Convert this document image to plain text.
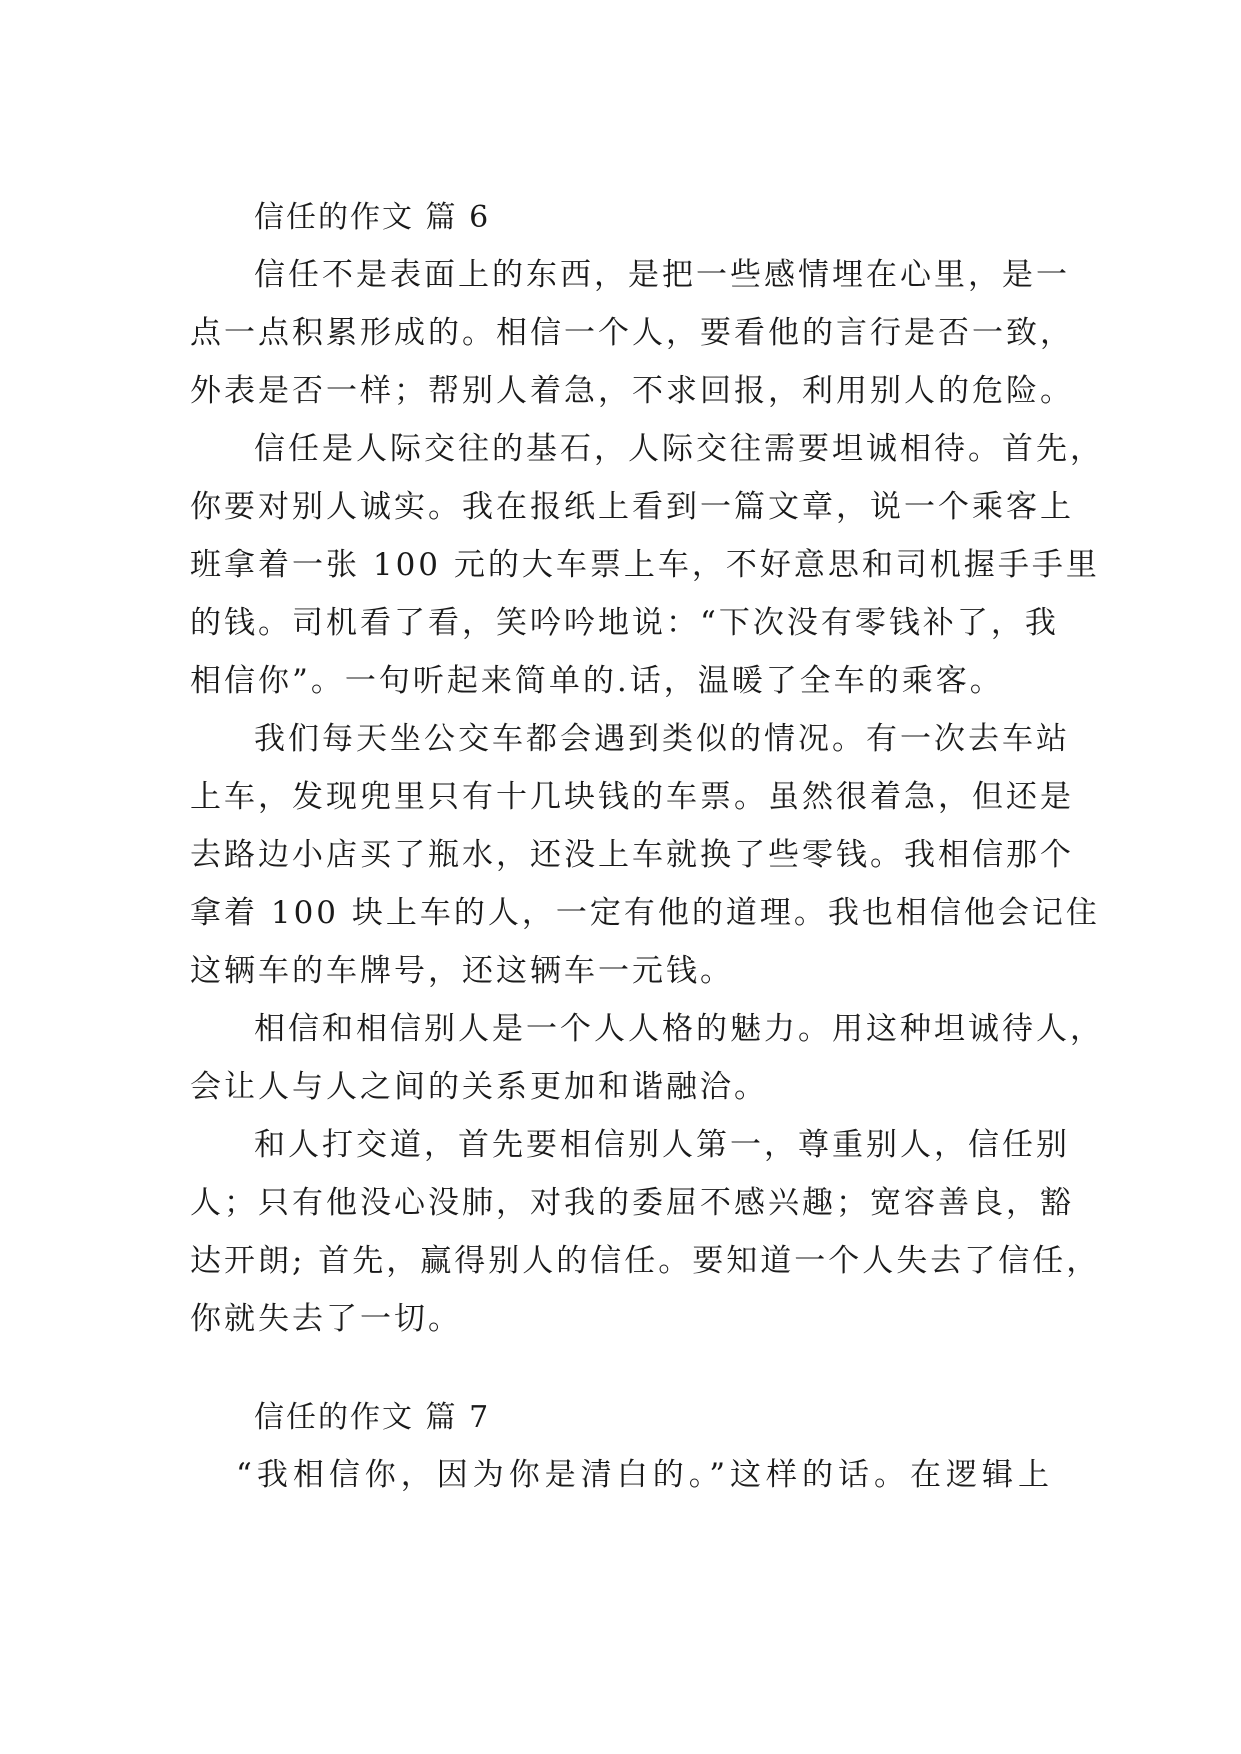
信任的作文 篇 6
信任不是表面上的东西，是把一些感情埋在心里，是一
点一点积累形成的。相信一个人，要看他的言行是否一致，
外表是否一样；帮别人着急，不求回报，利用别人的危险。
信任是人际交往的基石，人际交往需要坦诚相待。首先，
你要对别人诚实。我在报纸上看到一篇文章，说一个乘客上
班拿着一张 100 元的大车票上车，不好意思和司机握手手里
的钱。司机看了看，笑吟吟地说：“下次没有零钱补了，我
相信你”。一句听起来简单的.话，温暖了全车的乘客。
我们每天坐公交车都会遇到类似的情况。有一次去车站
上车，发现兜里只有十几块钱的车票。虽然很着急，但还是
去路边小店买了瓶水，还没上车就换了些零钱。我相信那个
拿着 100 块上车的人，一定有他的道理。我也相信他会记住
这辆车的车牌号，还这辆车一元钱。
相信和相信别人是一个人人格的魅力。用这种坦诚待人，
会让人与人之间的关系更加和谐融洽。
和人打交道，首先要相信别人第一，尊重别人，信任别
人；只有他没心没肺，对我的委屈不感兴趣；宽容善良，豁
达开朗; 首先，赢得别人的信任。要知道一个人失去了信任，
你就失去了一切。
信任的作文 篇 7
“我相信你，因为你是清白的。”这样的话。在逻辑上
